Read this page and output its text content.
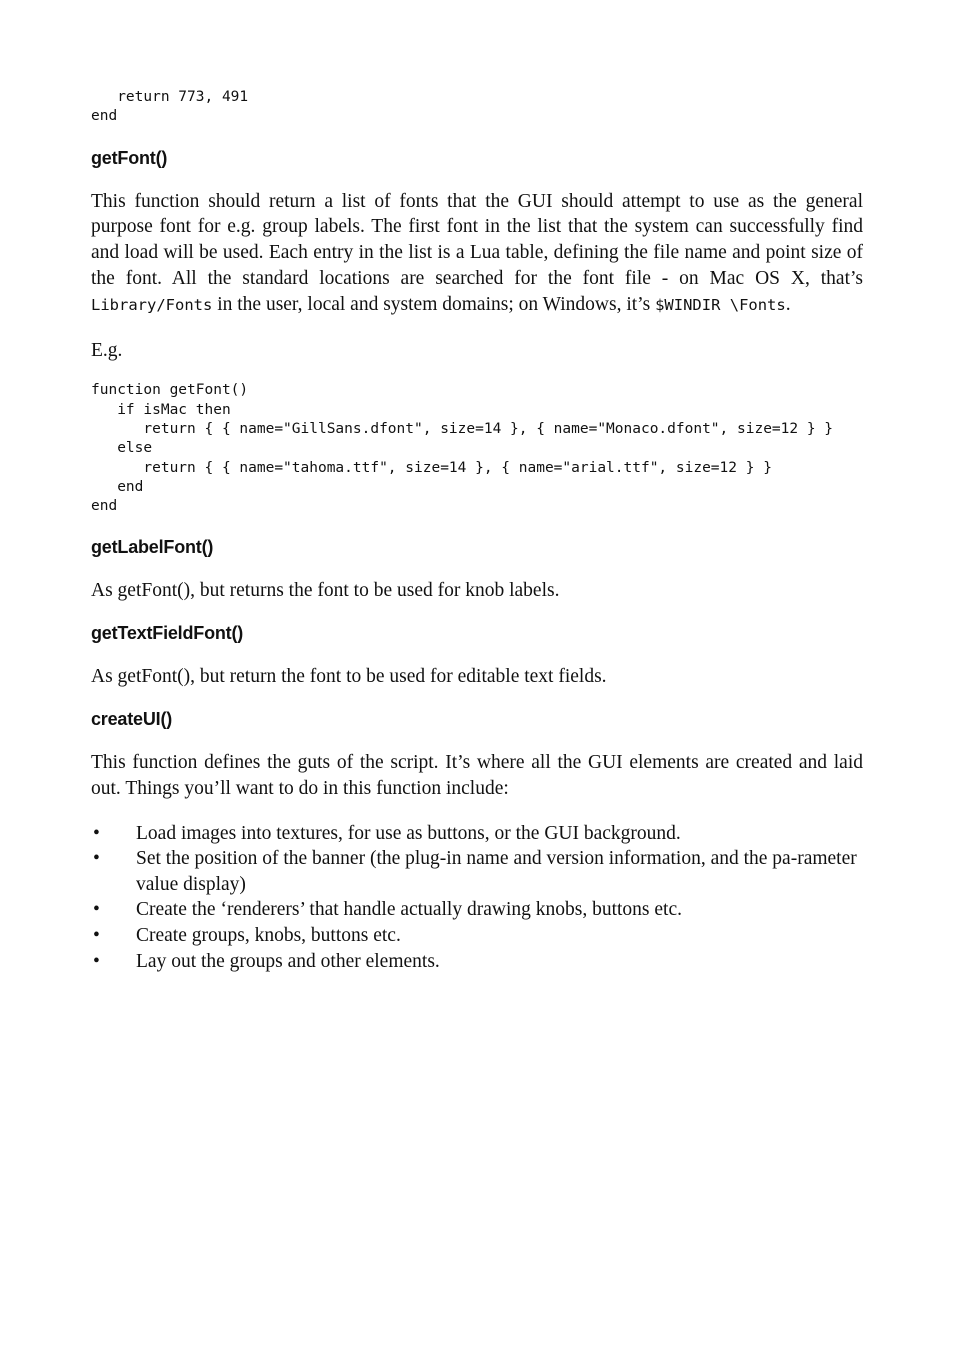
return 773, 491
end
getFont()

This function should return a list of fonts that the GUI should attempt to use as the general purpose font for e.g. group labels. The first font in the list that the system can successfully find and load will be used. Each entry in the list is a Lua table, defining the file name and point size of the font. All the standard locations are searched for the font file - on Mac OS X, that’s Library/Fonts in the user, local and system domains; on Windows, it’s $WINDIR \Fonts.

E.g.

function getFont()
if isMac then
return { { name="GillSans.dfont", size=14 }, { name="Monaco.dfont", size=12 } }
else
return { { name="tahoma.ttf", size=14 }, { name="arial.ttf", size=12 } }
end
end
getLabelFont()

As getFont(), but returns the font to be used for knob labels.

getTextFieldFont()

As getFont(), but return the font to be used for editable text fields.

createUI()

This function defines the guts of the script. It’s where all the GUI elements are created and laid out. Things you’ll want to do in this function include:

• Load images into textures, for use as buttons, or the GUI background.
• Set the position of the banner (the plug-in name and version information, and the pa-rameter value display)
• Create the ‘renderers’ that handle actually drawing knobs, buttons etc.
• Create groups, knobs, buttons etc.
• Lay out the groups and other elements.
